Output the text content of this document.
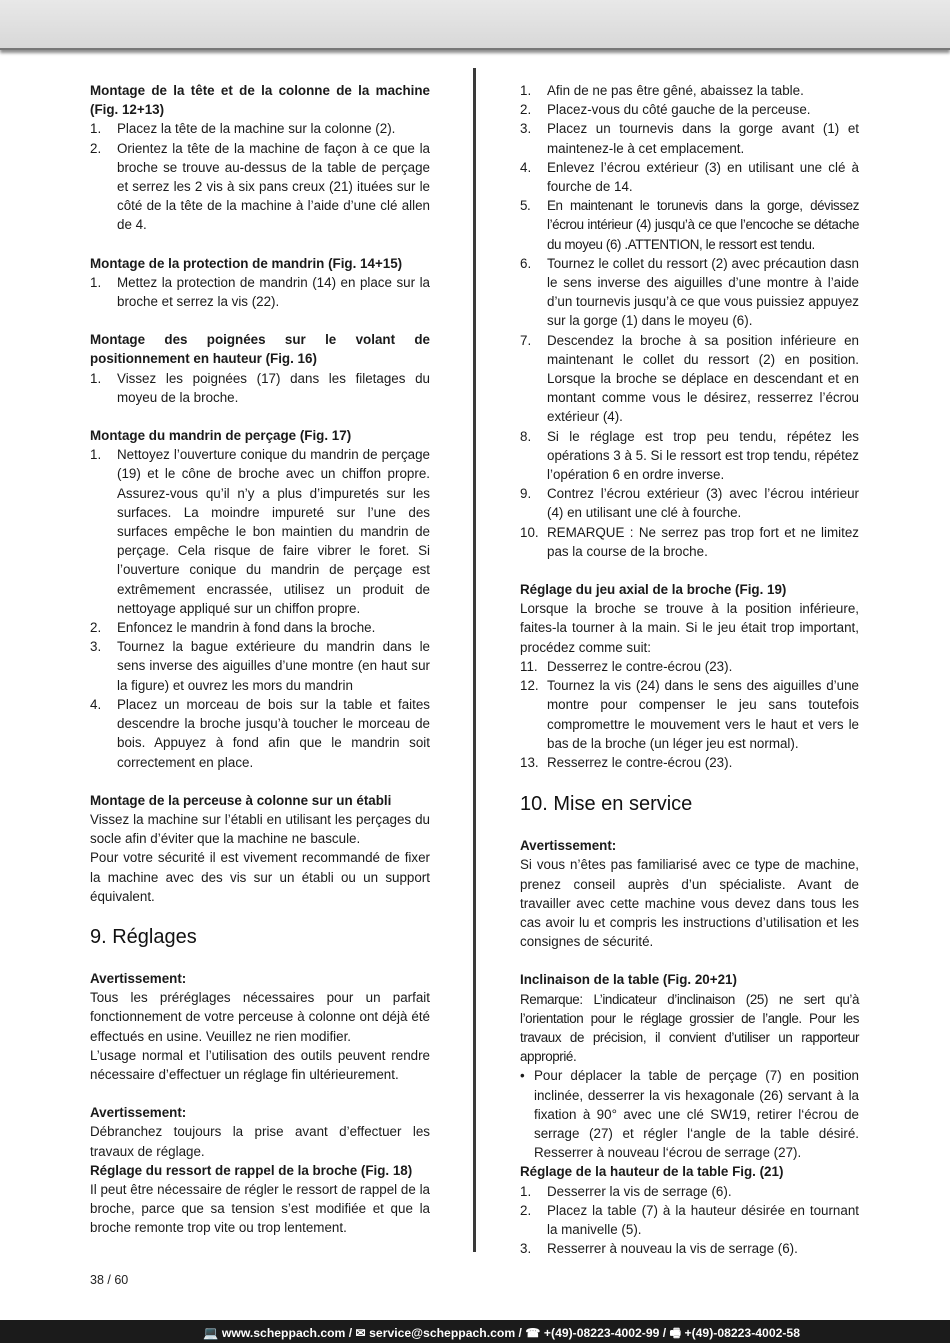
Montage de la tête et de la colonne de la machine (Fig. 12+13)

1. Placez la tête de la machine sur la colonne (2).
2. Orientez la tête de la machine de façon à ce que la broche se trouve au-dessus de la table de perçage et serrez les 2 vis à six pans creux (21) ituées sur le côté de la tête de la machine à l’aide d’une clé allen de 4.

Montage de la protection de mandrin (Fig. 14+15)

1. Mettez la protection de mandrin (14) en place sur la broche et serrez la vis (22).

Montage des poignées sur le volant de positionnement en hauteur (Fig. 16)

1. Vissez les poignées (17) dans les filetages du moyeu de la broche.

Montage du mandrin de perçage (Fig. 17)

1. Nettoyez l’ouverture conique du mandrin de perçage (19) et le cône de broche avec un chiffon propre. Assurez-vous qu’il n’y a plus d’impuretés sur les surfaces. La moindre impureté sur l’une des surfaces empêche le bon maintien du mandrin de perçage. Cela risque de faire vibrer le foret. Si l’ouverture conique du mandrin de perçage est extrêmement encrassée, utilisez un produit de nettoyage appliqué sur un chiffon propre.
2. Enfoncez le mandrin à fond dans la broche.
3. Tournez la bague extérieure du mandrin dans le sens inverse des aiguilles d’une montre (en haut sur la figure) et ouvrez les mors du mandrin
4. Placez un morceau de bois sur la table et faites descendre la broche jusqu’à toucher le morceau de bois. Appuyez à fond afin que le mandrin soit correctement en place.

Montage de la perceuse à colonne sur un établi

Vissez la machine sur l’établi en utilisant les perçages du socle afin d’éviter que la machine ne bascule.

Pour votre sécurité il est vivement recommandé de fixer la machine avec des vis sur un établi ou un support équivalent.

9. Réglages

Avertissement:

Tous les préréglages nécessaires pour un parfait fonctionnement de votre perceuse à colonne ont déjà été effectués en usine. Veuillez ne rien modifier.

L’usage normal et l’utilisation des outils peuvent rendre nécessaire d’effectuer un réglage fin ultérieurement.

Avertissement:

Débranchez toujours la prise avant d’effectuer les travaux de réglage.

Réglage du ressort de rappel de la broche (Fig. 18)

Il peut être nécessaire de régler le ressort de rappel de la broche, parce que sa tension s’est modifiée et que la broche remonte trop vite ou trop lentement.

1. Afin de ne pas être gêné, abaissez la table.
2. Placez-vous du côté gauche de la perceuse.
3. Placez un tournevis dans la gorge avant (1) et maintenez-le à cet emplacement.
4. Enlevez l’écrou extérieur (3) en utilisant une clé à fourche de 14.
5. En maintenant le torunevis dans la gorge, dévissez l’écrou intérieur (4) jusqu’à ce que l’encoche se détache du moyeu (6) .ATTENTION, le ressort est tendu.
6. Tournez le collet du ressort (2) avec précaution dasn le sens inverse des aiguilles d’une montre à l’aide d’un tournevis jusqu’à ce que vous puissiez appuyez sur la gorge (1) dans le moyeu (6).
7. Descendez la broche à sa position inférieure en maintenant le collet du ressort (2) en position. Lorsque la broche se déplace en descendant et en montant comme vous le désirez, resserrez l’écrou extérieur (4).
8. Si le réglage est trop peu tendu, répétez les opérations 3 à 5. Si le ressort est trop tendu, répétez l’opération 6 en ordre inverse.
9. Contrez l’écrou extérieur (3) avec l’écrou intérieur (4) en utilisant une clé à fourche.
10. REMARQUE : Ne serrez pas trop fort et ne limitez pas la course de la broche.

Réglage du jeu axial de la broche (Fig. 19)

Lorsque la broche se trouve à la position inférieure, faites-la tourner à la main. Si le jeu était trop important, procédez comme suit:

11. Desserrez le contre-écrou (23).
12. Tournez la vis (24) dans le sens des aiguilles d’une montre pour compenser le jeu sans toutefois compromettre le mouvement vers le haut et vers le bas de la broche (un léger jeu est normal).
13. Resserrez le contre-écrou (23).

10. Mise en service

Avertissement:

Si vous n’êtes pas familiarisé avec ce type de machine, prenez conseil auprès d’un spécialiste. Avant de travailler avec cette machine vous devez dans tous les cas avoir lu et compris les instructions d’utilisation et les consignes de sécurité.

Inclinaison de la table (Fig. 20+21)

Remarque: L’indicateur d’inclinaison (25) ne sert qu’à l’orientation pour le réglage grossier de l’angle. Pour les travaux de précision, il convient d’utiliser un rapporteur approprié.

• Pour déplacer la table de perçage (7) en position inclinée, desserrer la vis hexagonale (26) servant à la fixation à 90° avec une clé SW19, retirer l‘écrou de serrage (27) et régler l‘angle de la table désiré. Resserrer à nouveau l‘écrou de serrage (27).

Réglage de la hauteur de la table Fig. (21)

1. Desserrer la vis de serrage (6).
2. Placez la table (7) à la hauteur désirée en tournant la manivelle (5).
3. Resserrer à nouveau la vis de serrage (6).
38 / 60
💻 www.scheppach.com / ✉ service@scheppach.com / ☎ +(49)-08223-4002-99 / 🖷 +(49)-08223-4002-58
